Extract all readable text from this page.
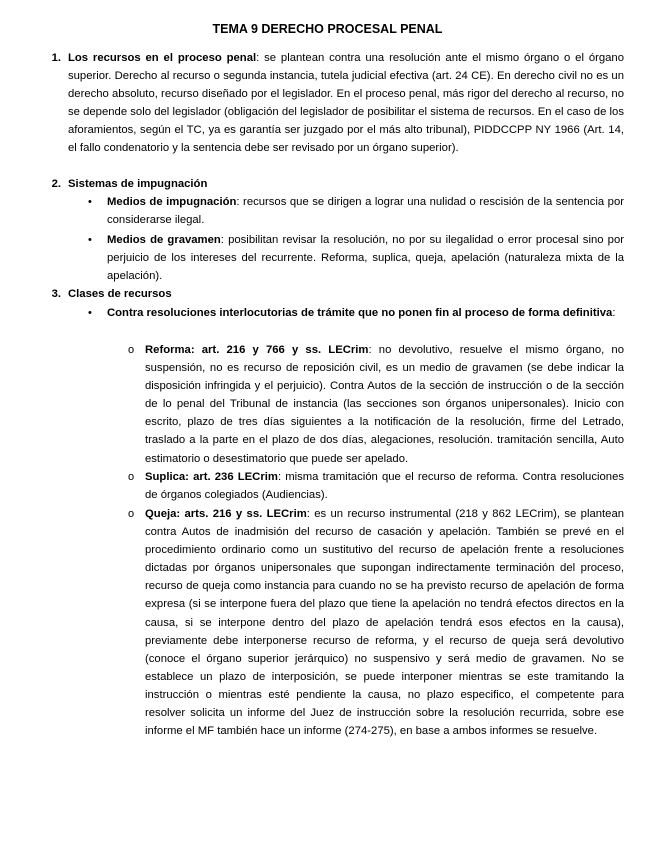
TEMA 9 DERECHO PROCESAL PENAL
1. Los recursos en el proceso penal: se plantean contra una resolución ante el mismo órgano o el órgano superior. Derecho al recurso o segunda instancia, tutela judicial efectiva (art. 24 CE). En derecho civil no es un derecho absoluto, recurso diseñado por el legislador. En el proceso penal, más rigor del derecho al recurso, no se depende solo del legislador (obligación del legislador de posibilitar el sistema de recursos. En el caso de los aforamientos, según el TC, ya es garantía ser juzgado por el más alto tribunal), PIDDCCPP NY 1966 (Art. 14, el fallo condenatorio y la sentencia debe ser revisado por un órgano superior).
2. Sistemas de impugnación
• Medios de impugnación: recursos que se dirigen a lograr una nulidad o rescisión de la sentencia por considerarse ilegal.
• Medios de gravamen: posibilitan revisar la resolución, no por su ilegalidad o error procesal sino por perjuicio de los intereses del recurrente. Reforma, suplica, queja, apelación (naturaleza mixta de la apelación).
3. Clases de recursos
• Contra resoluciones interlocutorias de trámite que no ponen fin al proceso de forma definitiva:
o Reforma: art. 216 y 766 y ss. LECrim: no devolutivo, resuelve el mismo órgano, no suspensión, no es recurso de reposición civil, es un medio de gravamen (se debe indicar la disposición infringida y el perjuicio). Contra Autos de la sección de instrucción o de la sección de lo penal del Tribunal de instancia (las secciones son órganos unipersonales). Inicio con escrito, plazo de tres días siguientes a la notificación de la resolución, firme del Letrado, traslado a la parte en el plazo de dos días, alegaciones, resolución. tramitación sencilla, Auto estimatorio o desestimatorio que puede ser apelado.
o Suplica: art. 236 LECrim: misma tramitación que el recurso de reforma. Contra resoluciones de órganos colegiados (Audiencias).
o Queja: arts. 216 y ss. LECrim: es un recurso instrumental (218 y 862 LECrim), se plantean contra Autos de inadmisión del recurso de casación y apelación. También se prevé en el procedimiento ordinario como un sustitutivo del recurso de apelación frente a resoluciones dictadas por órganos unipersonales que supongan indirectamente terminación del proceso, recurso de queja como instancia para cuando no se ha previsto recurso de apelación de forma expresa (si se interpone fuera del plazo que tiene la apelación no tendrá efectos directos en la causa, si se interpone dentro del plazo de apelación tendrá esos efectos en la causa), previamente debe interponerse recurso de reforma, y el recurso de queja será devolutivo (conoce el órgano superior jerárquico) no suspensivo y será medio de gravamen. No se establece un plazo de interposición, se puede interponer mientras se este tramitando la instrucción o mientras esté pendiente la causa, no plazo especifico, el competente para resolver solicita un informe del Juez de instrucción sobre la resolución recurrida, sobre ese informe el MF también hace un informe (274-275), en base a ambos informes se resuelve.
